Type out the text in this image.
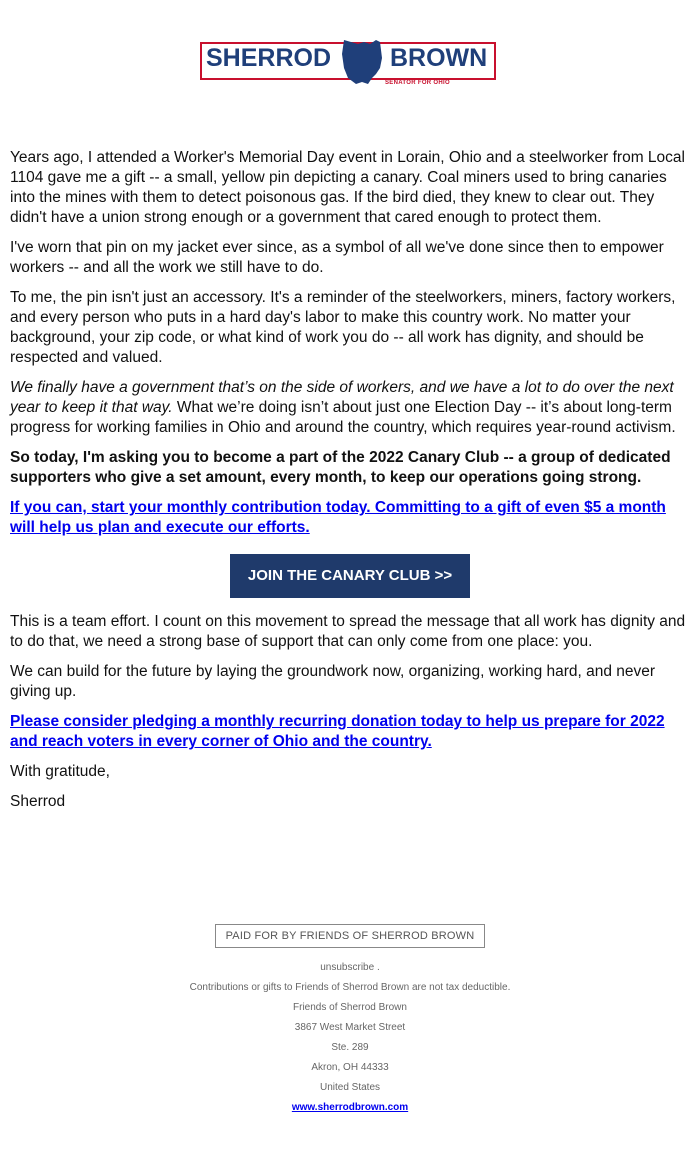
SHERROD BROWN
SENATOR FOR OHIO

Years ago, I attended a Worker's Memorial Day event in Lorain, Ohio and a steelworker from Local 1104 gave me a gift -- a small, yellow pin depicting a canary. Coal miners used to bring canaries into the mines with them to detect poisonous gas. If the bird died, they knew to clear out. They didn't have a union strong enough or a government that cared enough to protect them.

I've worn that pin on my jacket ever since, as a symbol of all we've done since then to empower workers -- and all the work we still have to do.

To me, the pin isn't just an accessory. It's a reminder of the steelworkers, miners, factory workers, and every person who puts in a hard day's labor to make this country work. No matter your background, your zip code, or what kind of work you do -- all work has dignity, and should be respected and valued.

We finally have a government that’s on the side of workers, and we have a lot to do over the next year to keep it that way. What we’re doing isn’t about just one Election Day -- it’s about long-term progress for working families in Ohio and around the country, which requires year-round activism.

So today, I'm asking you to become a part of the 2022 Canary Club -- a group of dedicated supporters who give a set amount, every month, to keep our operations going strong.

If you can, start your monthly contribution today. Committing to a gift of even $5 a month will help us plan and execute our efforts.

JOIN THE CANARY CLUB >>

This is a team effort. I count on this movement to spread the message that all work has dignity and to do that, we need a strong base of support that can only come from one place: you.

We can build for the future by laying the groundwork now, organizing, working hard, and never giving up.

Please consider pledging a monthly recurring donation today to help us prepare for 2022 and reach voters in every corner of Ohio and the country.

With gratitude,

Sherrod

PAID FOR BY FRIENDS OF SHERROD BROWN
unsubscribe .
Contributions or gifts to Friends of Sherrod Brown are not tax deductible.
Friends of Sherrod Brown
3867 West Market Street
Ste. 289
Akron, OH 44333
United States
www.sherrodbrown.com
